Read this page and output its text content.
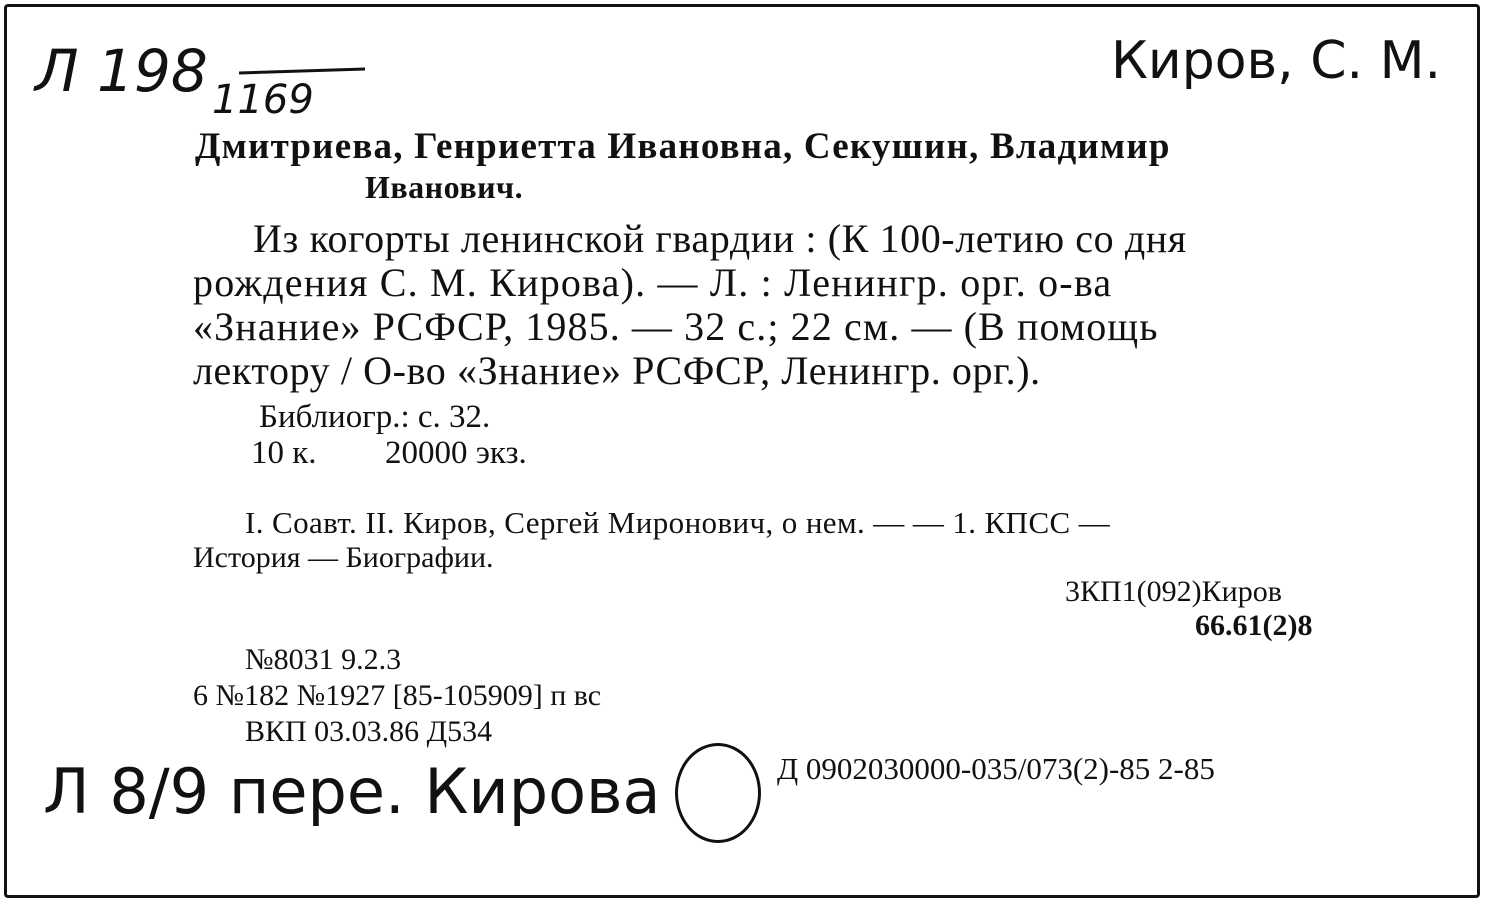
Л 198 1169
Киров, С. М.
Дмитриева, Генриетта Ивановна, Секушин, Владимир
Иванович.
Из когорты ленинской гвардии : (К 100-летию со дня
рождения С. М. Кирова). — Л. : Ленингр. орг. о-ва
«Знание» РСФСР, 1985. — 32 с.; 22 см. — (В помощь
лектору / О-во «Знание» РСФСР, Ленингр. орг.).
Библиогр.: с. 32.
10 к. 20000 экз.
I. Соавт. II. Киров, Сергей Миронович, о нем. — — 1. КПСС —
История — Биографии.
3КП1(092)Киров
66.61(2)8
№8031 9.2.3
6 №182 №1927 [85-105909] п вс
ВКП 03.03.86 Д534
Д 0902030000-035/073(2)-85 2-85
Л 8/9 пере. Кирова
